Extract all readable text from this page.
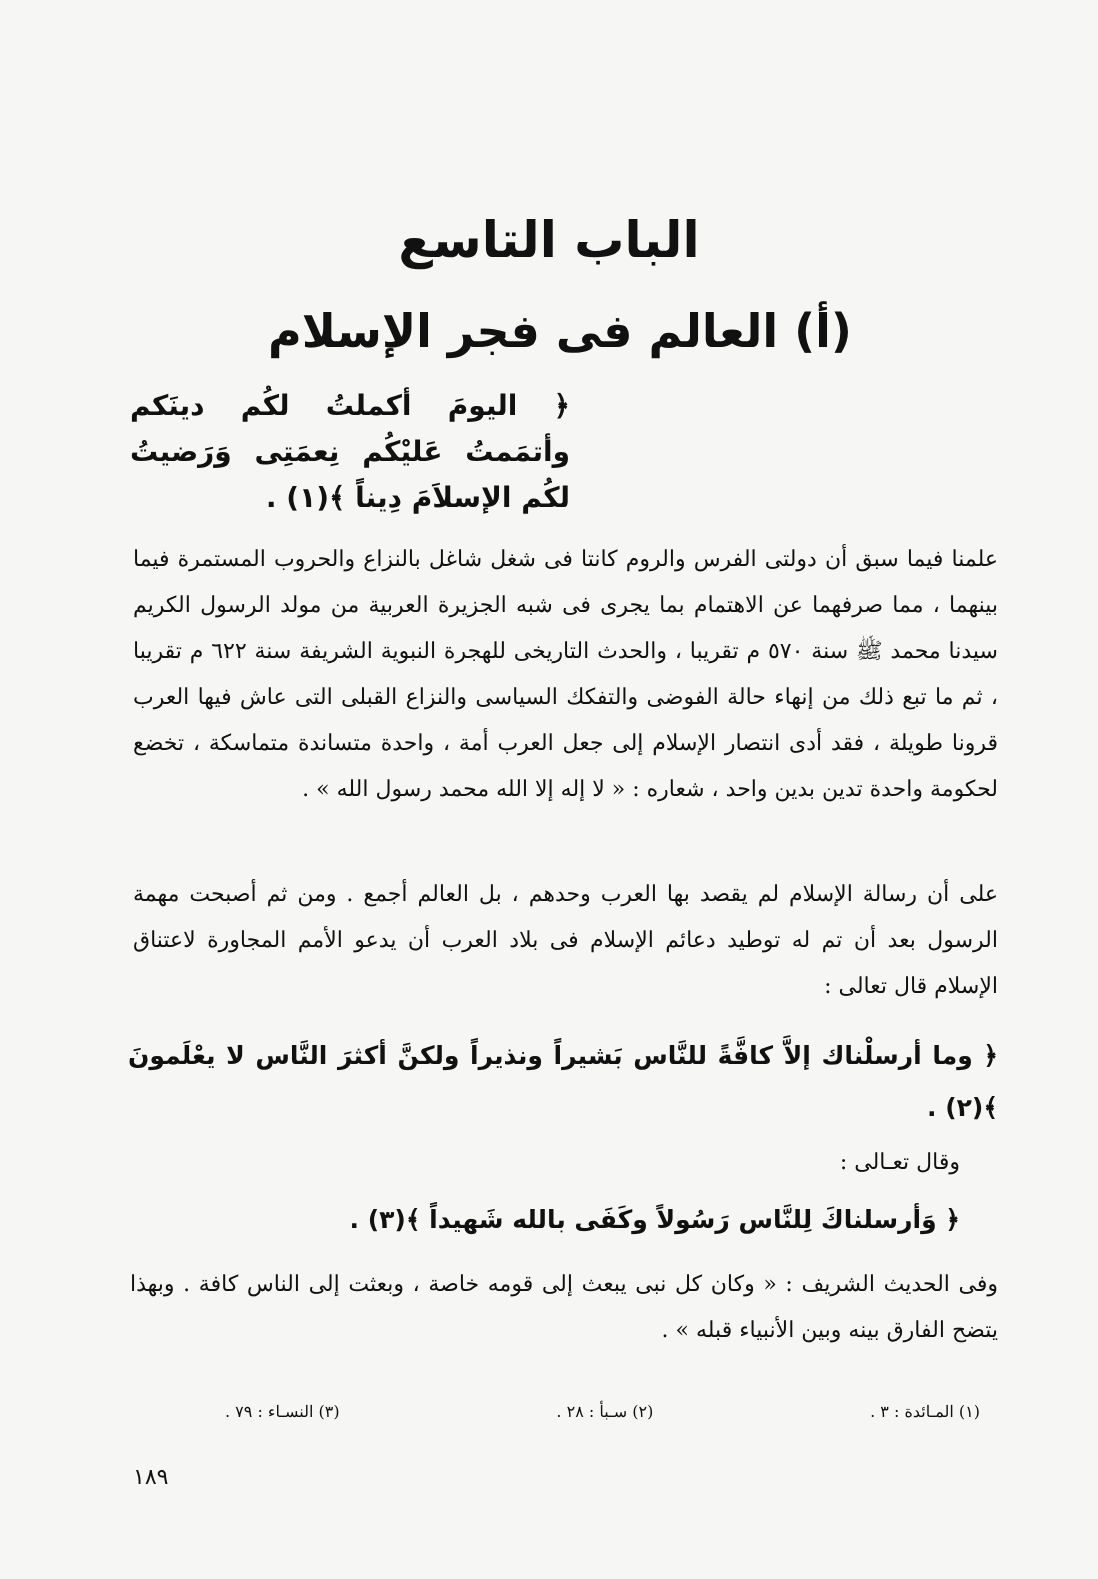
الباب التاسع
(أ) العالم فى فجر الإسلام
﴿ اليومَ أكملتُ لكُم دينَكم وأتمَمتُ عَليْكُم نِعمَتِى وَرَضيتُ لكُم الإسلاَمَ دِيناً ﴾(١) .
علمنا فيما سبق أن دولتى الفرس والروم كانتا فى شغل شاغل بالنزاع والحروب المستمرة فيما بينهما ، مما صرفهما عن الاهتمام بما يجرى فى شبه الجزيرة العربية من مولد الرسول الكريم سيدنا محمد ﷺ سنة ٥٧٠ م تقريبا ، والحدث التاريخى للهجرة النبوية الشريفة سنة ٦٢٢ م تقريبا ، ثم ما تبع ذلك من إنهاء حالة الفوضى والتفكك السياسى والنزاع القبلى التى عاش فيها العرب قرونا طويلة ، فقد أدى انتصار الإسلام إلى جعل العرب أمة ، واحدة متساندة متماسكة ، تخضع لحكومة واحدة تدين بدين واحد ، شعاره : « لا إله إلا الله محمد رسول الله » .
على أن رسالة الإسلام لم يقصد بها العرب وحدهم ، بل العالم أجمع . ومن ثم أصبحت مهمة الرسول بعد أن تم له توطيد دعائم الإسلام فى بلاد العرب أن يدعو الأمم المجاورة لاعتناق الإسلام قال تعالى :
﴿ وما أرسلْناك إلاَّ كافَّةً للنَّاس بَشيراً ونذيراً ولكنَّ أكثرَ النَّاس لا يعْلَمونَ ﴾(٢) .
وقال تعـالى :
﴿ وَأرسلناكَ لِلنَّاس رَسُولاً وكَفَى بالله شَهيداً ﴾(٣) .
وفى الحديث الشريف : « وكان كل نبى يبعث إلى قومه خاصة ، وبعثت إلى الناس كافة . وبهذا يتضح الفارق بينه وبين الأنبياء قبله » .
(١) المـائدة : ٣ .
(٢) سـبأ : ٢٨ .
(٣) النسـاء : ٧٩ .
١٨٩
